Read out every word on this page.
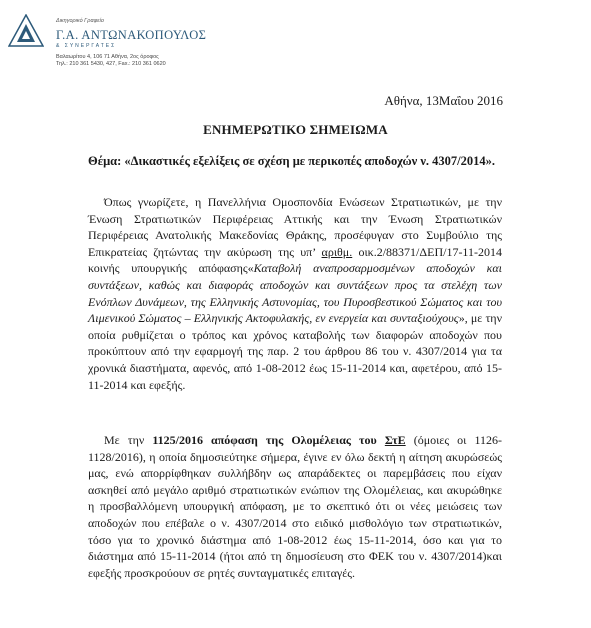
Δικηγορικό Γραφείο
Γ.Α. ΑΝΤΩΝΑΚΟΠΟΥΛΟΣ
& ΣΥΝΕΡΓΑΤΕΣ
Βαλαωρίτου 4, 106 71 Αθήνα, 2ος όροφος
Τηλ.: 210 361 5430, 427, Fax.: 210 361 0620
Αθήνα, 13Μαΐου 2016
ΕΝΗΜΕΡΩΤΙΚΟ ΣΗΜΕΙΩΜΑ
Θέμα: «Δικαστικές εξελίξεις σε σχέση με περικοπές αποδοχών ν. 4307/2014».
Όπως γνωρίζετε, η Πανελλήνια Ομοσπονδία Ενώσεων Στρατιωτικών, με την Ένωση Στρατιωτικών Περιφέρειας Αττικής και την Ένωση Στρατιωτικών Περιφέρειας Ανατολικής Μακεδονίας Θράκης, προσέφυγαν στο Συμβούλιο της Επικρατείας ζητώντας την ακύρωση της υπ’ αριθμ. οικ.2/88371/ΔΕΠ/17-11-2014 κοινής υπουργικής απόφασης«Καταβολή αναπροσαρμοσμένων αποδοχών και συντάξεων, καθώς και διαφοράς αποδοχών και συντάξεων προς τα στελέχη των Ενόπλων Δυνάμεων, της Ελληνικής Αστυνομίας, του Πυροσβεστικού Σώματος και του Λιμενικού Σώματος – Ελληνικής Ακτοφυλακής, εν ενεργεία και συνταξιούχους», με την οποία ρυθμίζεται ο τρόπος και χρόνος καταβολής των διαφορών αποδοχών που προκύπτουν από την εφαρμογή της παρ. 2 του άρθρου 86 του ν. 4307/2014 για τα χρονικά διαστήματα, αφενός, από 1-08-2012 έως 15-11-2014 και, αφετέρου, από 15-11-2014 και εφεξής.
Με την 1125/2016 απόφαση της Ολομέλειας του ΣτΕ (όμοιες οι 1126-1128/2016), η οποία δημοσιεύτηκε σήμερα, έγινε εν όλω δεκτή η αίτηση ακυρώσεώς μας, ενώ απορρίφθηκαν συλλήβδην ως απαράδεκτες οι παρεμβάσεις που είχαν ασκηθεί από μεγάλο αριθμό στρατιωτικών ενώπιον της Ολομέλειας, και ακυρώθηκε η προσβαλλόμενη υπουργική απόφαση, με το σκεπτικό ότι οι νέες μειώσεις των αποδοχών που επέβαλε ο ν. 4307/2014 στο ειδικό μισθολόγιο των στρατιωτικών, τόσο για το χρονικό διάστημα από 1-08-2012 έως 15-11-2014, όσο και για το διάστημα από 15-11-2014 (ήτοι από τη δημοσίευση στο ΦΕΚ του ν. 4307/2014)και εφεξής προσκρούουν σε ρητές συνταγματικές επιταγές.
